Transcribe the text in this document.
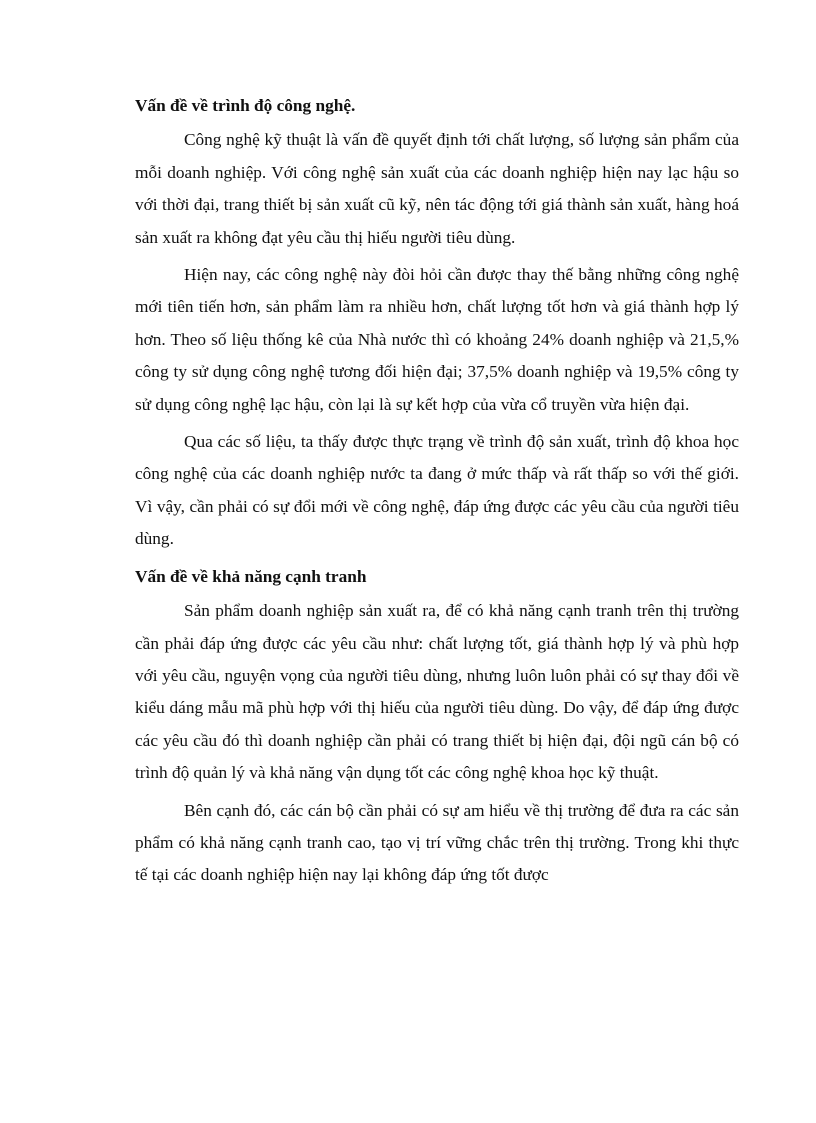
Vấn đề về trình độ công nghệ.

Công nghệ kỹ thuật là vấn đề quyết định tới chất lượng, số lượng sản phẩm của mỗi doanh nghiệp. Với công nghệ sản xuất của các doanh nghiệp hiện nay lạc hậu so với thời đại, trang thiết bị sản xuất cũ kỹ, nên tác động tới giá thành sản xuất, hàng hoá sản xuất ra không đạt yêu cầu thị hiếu người tiêu dùng.

Hiện nay, các công nghệ này đòi hỏi cần được thay thế bằng những công nghệ mới tiên tiến hơn, sản phẩm làm ra nhiều hơn, chất lượng tốt hơn và giá thành hợp lý hơn. Theo số liệu thống kê của Nhà nước thì có khoảng 24% doanh nghiệp và 21,5,% công ty sử dụng công nghệ tương đối hiện đại; 37,5% doanh nghiệp và 19,5% công ty sử dụng công nghệ lạc hậu, còn lại là sự kết hợp của vừa cổ truyền vừa hiện đại.

Qua các số liệu, ta thấy được thực trạng về trình độ sản xuất, trình độ khoa học công nghệ của các doanh nghiệp nước ta đang ở mức thấp và rất thấp so với thế giới. Vì vậy, cần phải có sự đổi mới về công nghệ, đáp ứng được các yêu cầu của người tiêu dùng.

Vấn đề về khả năng cạnh tranh

Sản phẩm doanh nghiệp sản xuất ra, để có khả năng cạnh tranh trên thị trường cần phải đáp ứng được các yêu cầu như: chất lượng tốt, giá thành hợp lý và phù hợp với yêu cầu, nguyện vọng của người tiêu dùng, nhưng luôn luôn phải có sự thay đổi về kiểu dáng mẫu mã phù hợp với thị hiếu của người tiêu dùng. Do vậy, để đáp ứng được các yêu cầu đó thì doanh nghiệp cần phải có trang thiết bị hiện đại, đội ngũ cán bộ có trình độ quản lý và khả năng vận dụng tốt các công nghệ khoa học kỹ thuật.

Bên cạnh đó, các cán bộ cần phải có sự am hiểu về thị trường để đưa ra các sản phẩm có khả năng cạnh tranh cao, tạo vị trí vững chắc trên thị trường. Trong khi thực tế tại các doanh nghiệp hiện nay lại không đáp ứng tốt được
